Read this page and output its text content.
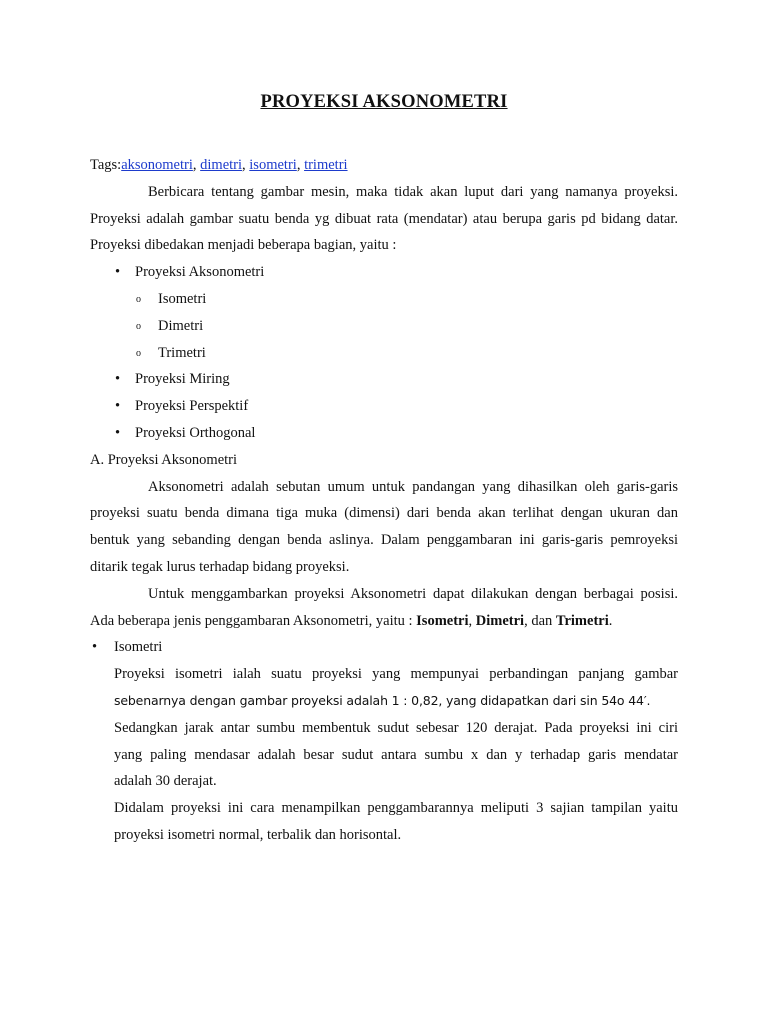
PROYEKSI AKSONOMETRI
Tags:aksonometri, dimetri, isometri, trimetri
Berbicara tentang gambar mesin, maka tidak akan luput dari yang namanya proyeksi.
Proyeksi adalah gambar suatu benda yg dibuat rata (mendatar) atau berupa garis pd bidang datar.
Proyeksi dibedakan menjadi beberapa bagian, yaitu :
• Proyeksi Aksonometri
o Isometri
o Dimetri
o Trimetri
• Proyeksi Miring
• Proyeksi Perspektif
• Proyeksi Orthogonal
A. Proyeksi Aksonometri
Aksonometri adalah sebutan umum untuk pandangan yang dihasilkan oleh garis-garis
proyeksi suatu benda dimana tiga muka (dimensi) dari benda akan terlihat dengan ukuran dan
bentuk yang sebanding dengan benda aslinya. Dalam penggambaran ini garis-garis pemroyeksi
ditarik tegak lurus terhadap bidang proyeksi.
Untuk menggambarkan proyeksi Aksonometri dapat dilakukan dengan berbagai posisi.
Ada beberapa jenis penggambaran Aksonometri, yaitu : Isometri, Dimetri, dan Trimetri.
• Isometri
Proyeksi isometri ialah suatu proyeksi yang mempunyai perbandingan panjang gambar
sebenarnya dengan gambar proyeksi adalah 1 : 0,82, yang didapatkan dari sin 54o 44′.
Sedangkan jarak antar sumbu membentuk sudut sebesar 120 derajat. Pada proyeksi ini ciri
yang paling mendasar adalah besar sudut antara sumbu x dan y terhadap garis mendatar
adalah 30 derajat.
Didalam proyeksi ini cara menampilkan penggambarannya meliputi 3 sajian tampilan yaitu
proyeksi isometri normal, terbalik dan horisontal.
